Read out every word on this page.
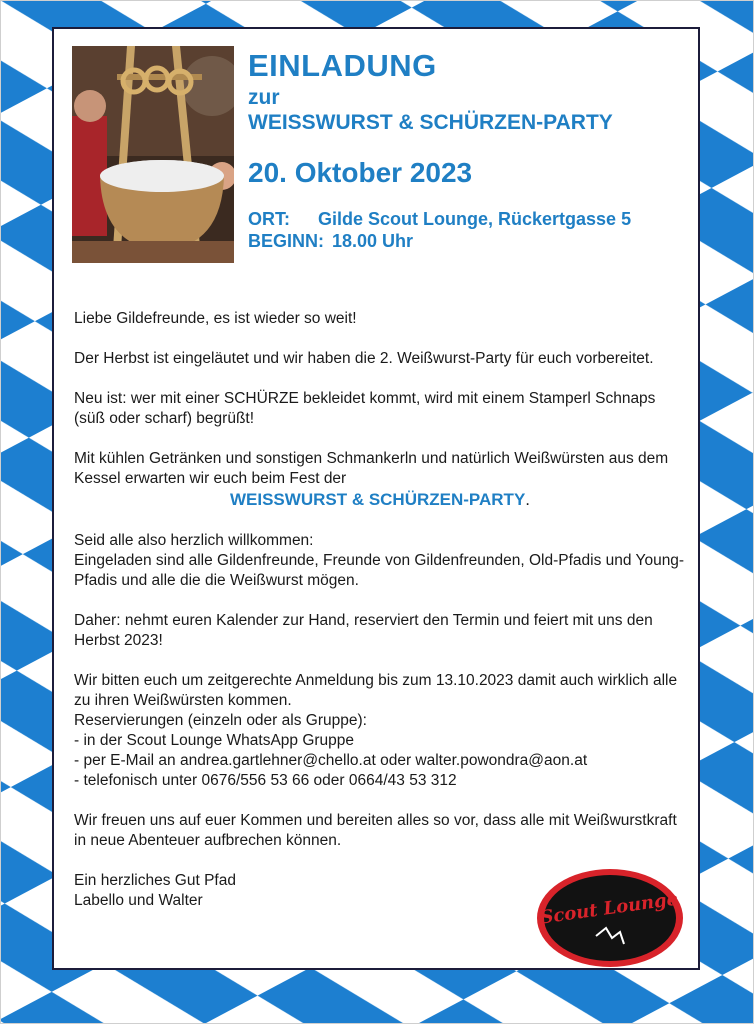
EINLADUNG
zur
WEISSWURST & SCHÜRZEN-PARTY
20. Oktober 2023
ORT: Gilde Scout Lounge, Rückertgasse 5
BEGINN: 18.00 Uhr

Liebe Gildefreunde, es ist wieder so weit!

Der Herbst ist eingeläutet und wir haben die 2. Weißwurst-Party für euch vorbereitet.

Neu ist: wer mit einer SCHÜRZE bekleidet kommt, wird mit einem Stamperl Schnaps (süß oder scharf) begrüßt!

Mit kühlen Getränken und sonstigen Schmankerln und natürlich Weißwürsten aus dem Kessel erwarten wir euch beim Fest der
WEISSWURST & SCHÜRZEN-PARTY.

Seid alle also herzlich willkommen:
Eingeladen sind alle Gildenfreunde, Freunde von Gildenfreunden, Old-Pfadis und Young-Pfadis und alle die die Weißwurst mögen.

Daher: nehmt euren Kalender zur Hand, reserviert den Termin und feiert mit uns den Herbst 2023!

Wir bitten euch um zeitgerechte Anmeldung bis zum 13.10.2023 damit auch wirklich alle zu ihren Weißwürsten kommen.
Reservierungen (einzeln oder als Gruppe):
- in der Scout Lounge WhatsApp Gruppe
- per E-Mail an andrea.gartlehner@chello.at oder walter.powondra@aon.at
- telefonisch unter 0676/556 53 66 oder 0664/43 53 312

Wir freuen uns auf euer Kommen und bereiten alles so vor, dass alle mit Weißwurstkraft in neue Abenteuer aufbrechen können.

Ein herzliches Gut Pfad
Labello und Walter	Scout Lounge
